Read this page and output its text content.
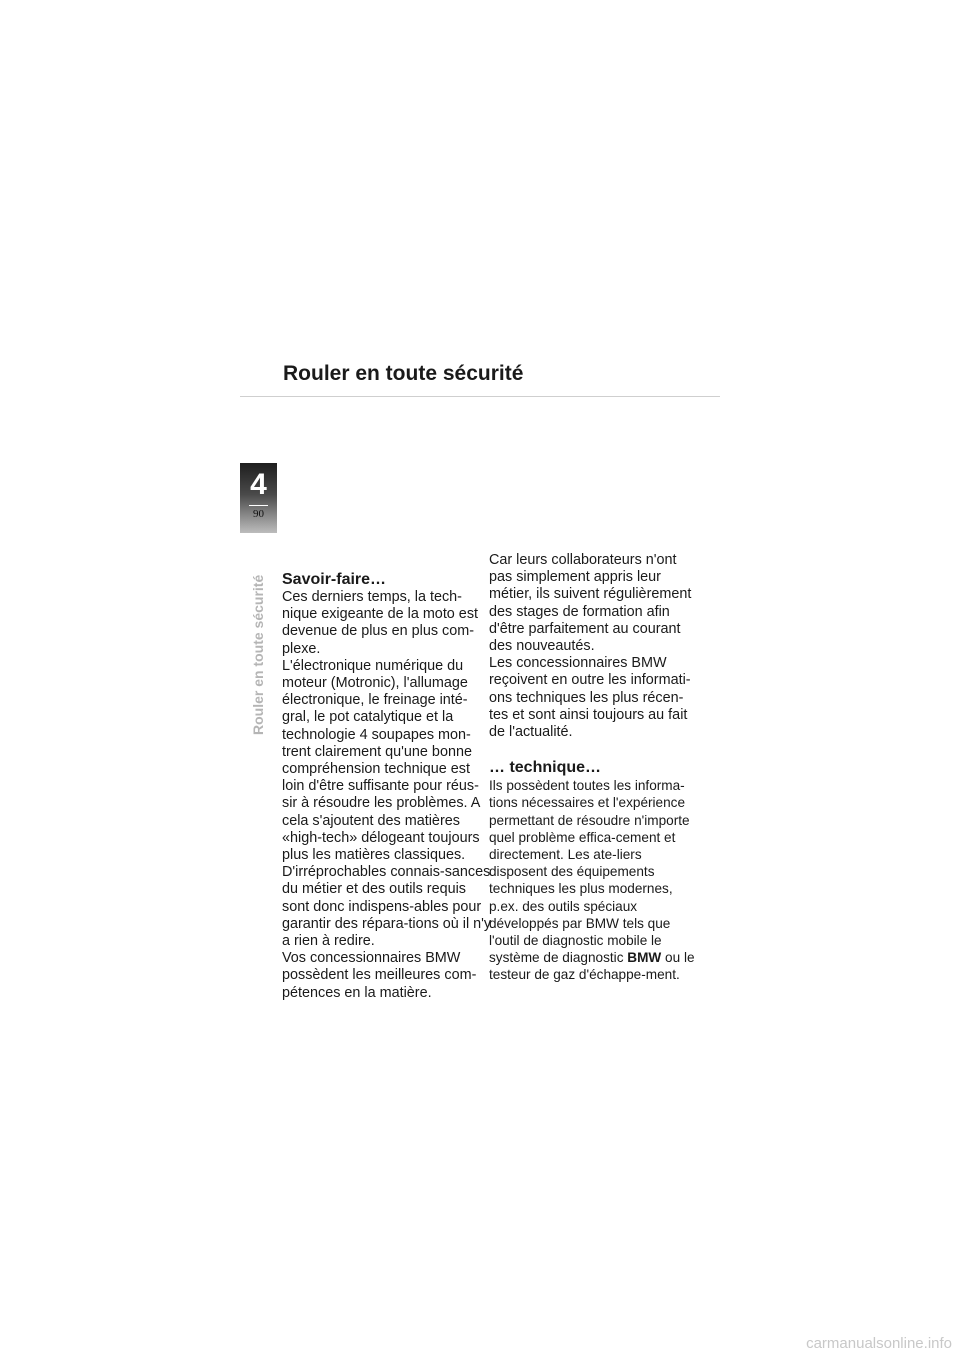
Rouler en toute sécurité
4
90
Rouler en toute sécurité Savoir-faire…

Ces derniers temps, la tech-nique exigeante de la moto est devenue de plus en plus com-plexe.

L'électronique numérique du moteur (Motronic), l'allumage électronique, le freinage inté-gral, le pot catalytique et la technologie 4 soupapes mon-trent clairement qu'une bonne compréhension technique est loin d'être suffisante pour réus-sir à résoudre les problèmes. A cela s'ajoutent des matières «high-tech» délogeant toujours plus les matières classiques.

D'irréprochables connais-sances du métier et des outils requis sont donc indispens-ables pour garantir des répara-tions où il n'y a rien à redire.

Vos concessionnaires BMW possèdent les meilleures com-pétences en la matière.

Car leurs collaborateurs n'ont pas simplement appris leur métier, ils suivent régulièrement des stages de formation afin d'être parfaitement au courant des nouveautés.

Les concessionnaires BMW reçoivent en outre les informati-ons techniques les plus récen-tes et sont ainsi toujours au fait de l'actualité.

… technique…

Ils possèdent toutes les informa-tions nécessaires et l'expérience permettant de résoudre n'importe quel problème effica-cement et directement. Les ate-liers disposent des équipements techniques les plus modernes, p.ex. des outils spéciaux développés par BMW tels que l'outil de diagnostic mobile le système de diagnostic BMW ou le testeur de gaz d'échappe-ment.

carmanualsonline.info
